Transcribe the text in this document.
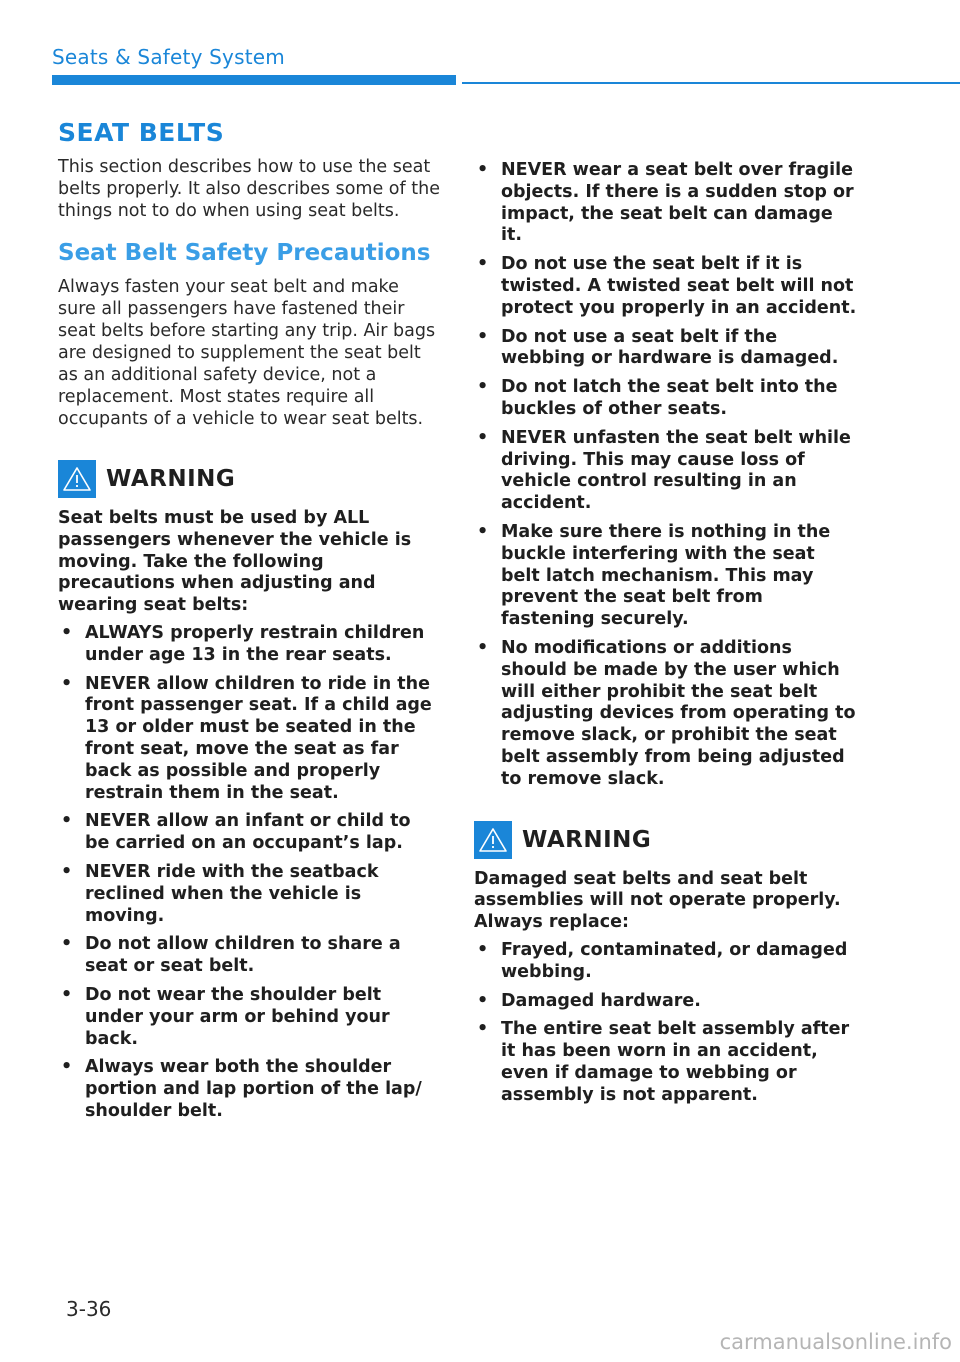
Seats & Safety System
SEAT BELTS

This section describes how to use the seat belts properly. It also describes some of the things not to do when using seat belts.

Seat Belt Safety Precautions

Always fasten your seat belt and make sure all passengers have fastened their seat belts before starting any trip. Air bags are designed to supplement the seat belt as an additional safety device, not a replacement. Most states require all occupants of a vehicle to wear seat belts.

WARNING

Seat belts must be used by ALL passengers whenever the vehicle is moving. Take the following precautions when adjusting and wearing seat belts:

• ALWAYS properly restrain children under age 13 in the rear seats.
• NEVER allow children to ride in the front passenger seat. If a child age 13 or older must be seated in the front seat, move the seat as far back as possible and properly restrain them in the seat.
• NEVER allow an infant or child to be carried on an occupant’s lap.
• NEVER ride with the seatback reclined when the vehicle is moving.
• Do not allow children to share a seat or seat belt.
• Do not wear the shoulder belt under your arm or behind your back.
• Always wear both the shoulder portion and lap portion of the lap/ shoulder belt.
• NEVER wear a seat belt over fragile objects. If there is a sudden stop or impact, the seat belt can damage it.
• Do not use the seat belt if it is twisted. A twisted seat belt will not protect you properly in an accident.
• Do not use a seat belt if the webbing or hardware is damaged.
• Do not latch the seat belt into the buckles of other seats.
• NEVER unfasten the seat belt while driving. This may cause loss of vehicle control resulting in an accident.
• Make sure there is nothing in the buckle interfering with the seat belt latch mechanism. This may prevent the seat belt from fastening securely.
• No modifications or additions should be made by the user which will either prohibit the seat belt adjusting devices from operating to remove slack, or prohibit the seat belt assembly from being adjusted to remove slack.
WARNING

Damaged seat belts and seat belt assemblies will not operate properly. Always replace:

• Frayed, contaminated, or damaged webbing.
• Damaged hardware.
• The entire seat belt assembly after it has been worn in an accident, even if damage to webbing or assembly is not apparent.
3-36
carmanualsonline.info
